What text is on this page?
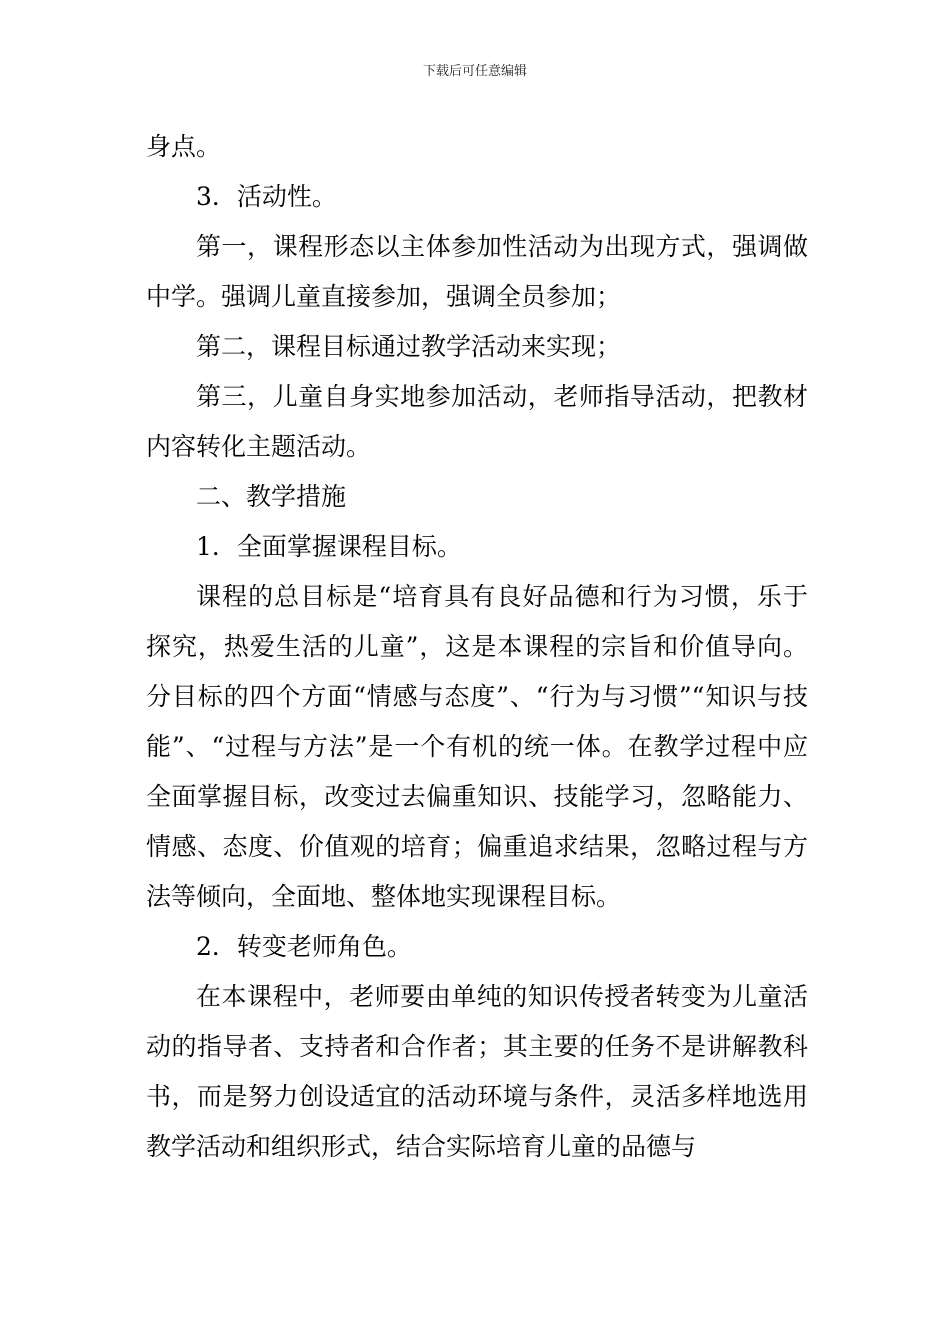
下载后可任意编辑

身点。

3．活动性。

第一，课程形态以主体参加性活动为出现方式，强调做中学。强调儿童直接参加，强调全员参加；

第二，课程目标通过教学活动来实现；

第三，儿童自身实地参加活动，老师指导活动，把教材内容转化主题活动。

二、教学措施

1．全面掌握课程目标。

课程的总目标是“培育具有良好品德和行为习惯，乐于探究，热爱生活的儿童”，这是本课程的宗旨和价值导向。分目标的四个方面“情感与态度”、“行为与习惯”“知识与技能”、“过程与方法”是一个有机的统一体。在教学过程中应全面掌握目标，改变过去偏重知识、技能学习，忽略能力、情感、态度、价值观的培育；偏重追求结果，忽略过程与方法等倾向，全面地、整体地实现课程目标。

2．转变老师角色。

在本课程中，老师要由单纯的知识传授者转变为儿童活动的指导者、支持者和合作者；其主要的任务不是讲解教科书，而是努力创设适宜的活动环境与条件，灵活多样地选用教学活动和组织形式，结合实际培育儿童的品德与
